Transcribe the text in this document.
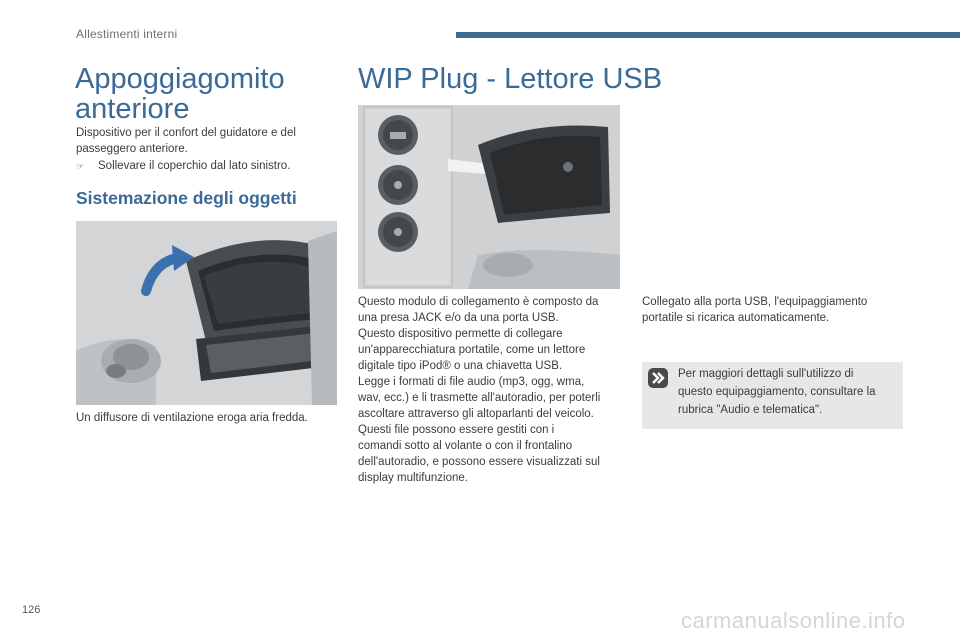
Allestimenti interni
Appoggiagomito anteriore
Dispositivo per il confort del guidatore e del passeggero anteriore.
☞	Sollevare il coperchio dal lato sinistro.
Sistemazione degli oggetti
Un diffusore di ventilazione eroga aria fredda.
WIP Plug - Lettore USB
Questo modulo di collegamento è composto da
una presa JACK e/o da una porta USB.
Questo dispositivo permette di collegare
un'apparecchiatura portatile, come un lettore
digitale tipo iPod® o una chiavetta USB.
Legge i formati di file audio (mp3, ogg, wma,
wav, ecc.) e li trasmette all'autoradio, per poterli
ascoltare attraverso gli altoparlanti del veicolo.
Questi file possono essere gestiti con i
comandi sotto al volante o con il frontalino
dell'autoradio, e possono essere visualizzati sul
display multifunzione.
Collegato alla porta USB, l'equipaggiamento
portatile si ricarica automaticamente.
Per maggiori dettagli sull'utilizzo di
questo equipaggiamento, consultare la
rubrica "Audio e telematica".
126	carmanualsonline.info
